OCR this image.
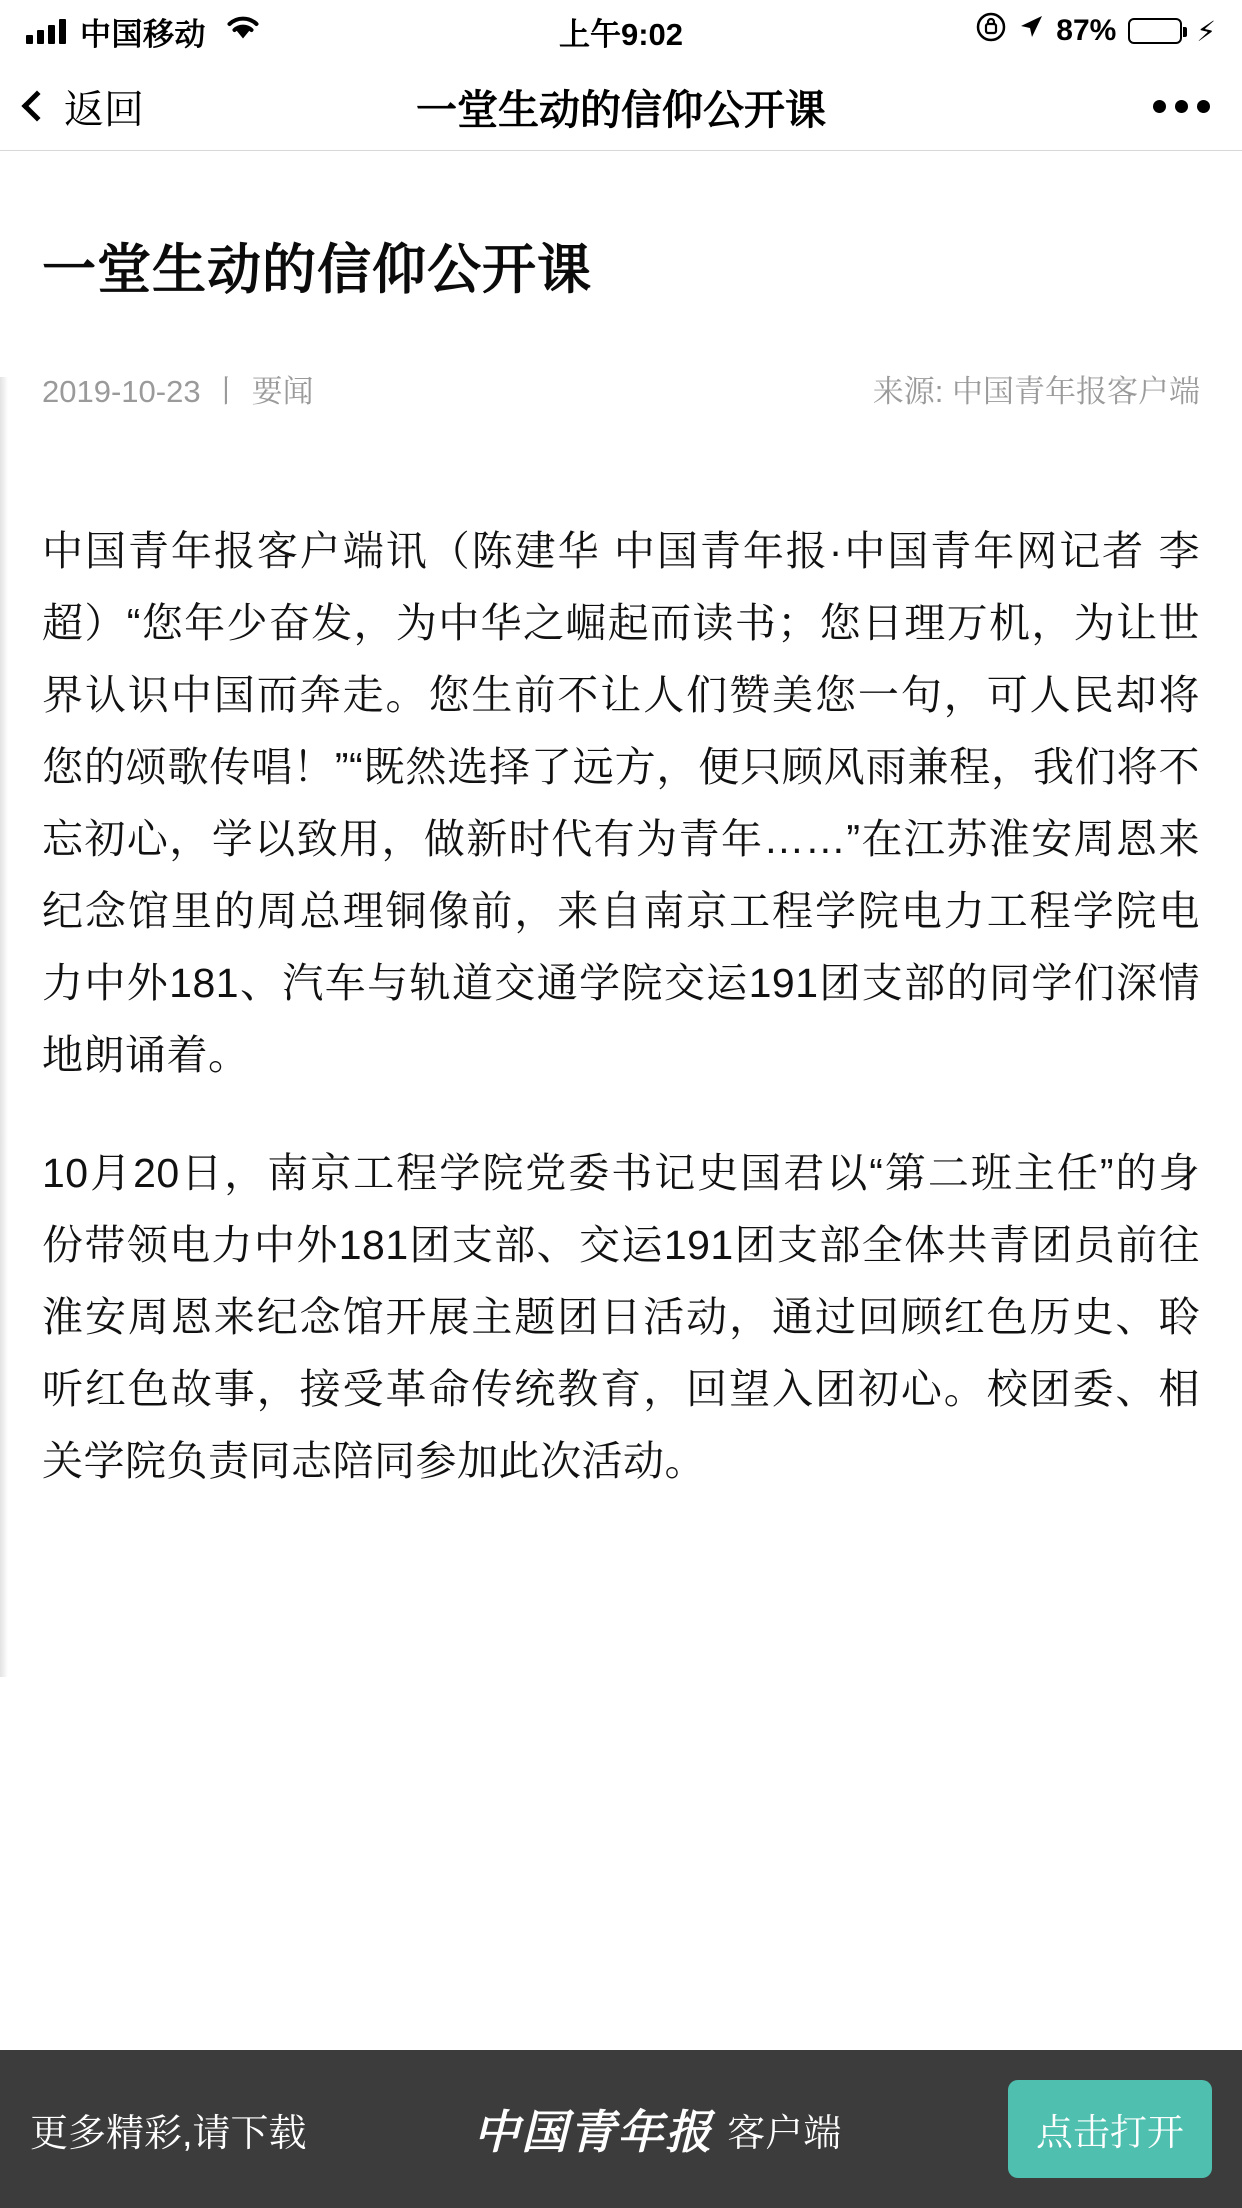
中国移动	上午9:02	87%	⚡
返回	一堂生动的信仰公开课
一堂生动的信仰公开课
2019-10-23 丨 要闻	来源: 中国青年报客户端

中国青年报客户端讯（陈建华 中国青年报·中国青年网记者 李超）“您年少奋发，为中华之崛起而读书；您日理万机，为让世界认识中国而奔走。您生前不让人们赞美您一句，可人民却将您的颂歌传唱！”“既然选择了远方，便只顾风雨兼程，我们将不忘初心，学以致用，做新时代有为青年……”在江苏淮安周恩来纪念馆里的周总理铜像前，来自南京工程学院电力工程学院电力中外181、汽车与轨道交通学院交运191团支部的同学们深情地朗诵着。

10月20日，南京工程学院党委书记史国君以“第二班主任”的身份带领电力中外181团支部、交运191团支部全体共青团员前往淮安周恩来纪念馆开展主题团日活动，通过回顾红色历史、聆听红色故事，接受革命传统教育，回望入团初心。校团委、相关学院负责同志陪同参加此次活动。

更多精彩,请下载	中国青年报 客户端	点击打开
